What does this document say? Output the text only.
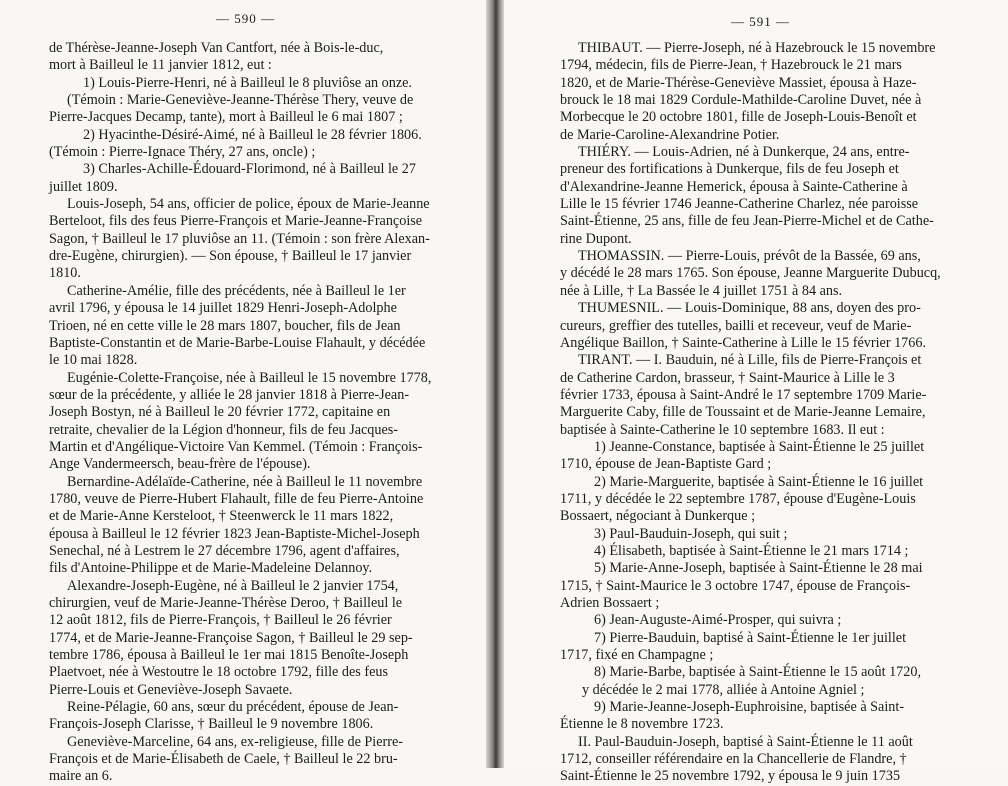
— 590 —	— 591 —
de Thérèse-Jeanne-Joseph Van Cantfort, née à Bois-le-duc,
mort à Bailleul le 11 janvier 1812, eut :
1) Louis-Pierre-Henri, né à Bailleul le 8 pluviôse an onze.
(Témoin : Marie-Geneviève-Jeanne-Thérèse Thery, veuve de
Pierre-Jacques Decamp, tante), mort à Bailleul le 6 mai 1807 ;
2) Hyacinthe-Désiré-Aimé, né à Bailleul le 28 février 1806.
(Témoin : Pierre-Ignace Théry, 27 ans, oncle) ;
3) Charles-Achille-Édouard-Florimond, né à Bailleul le 27
juillet 1809.
Louis-Joseph, 54 ans, officier de police, époux de Marie-Jeanne
Berteloot, fils des feus Pierre-François et Marie-Jeanne-Françoise
Sagon, † Bailleul le 17 pluviôse an 11. (Témoin : son frère Alexan-
dre-Eugène, chirurgien). — Son épouse, † Bailleul le 17 janvier
1810.
Catherine-Amélie, fille des précédents, née à Bailleul le 1er
avril 1796, y épousa le 14 juillet 1829 Henri-Joseph-Adolphe
Trioen, né en cette ville le 28 mars 1807, boucher, fils de Jean
Baptiste-Constantin et de Marie-Barbe-Louise Flahault, y décédée
le 10 mai 1828.
Eugénie-Colette-Françoise, née à Bailleul le 15 novembre 1778,
sœur de la précédente, y alliée le 28 janvier 1818 à Pierre-Jean-
Joseph Bostyn, né à Bailleul le 20 février 1772, capitaine en
retraite, chevalier de la Légion d'honneur, fils de feu Jacques-
Martin et d'Angélique-Victoire Van Kemmel. (Témoin : François-
Ange Vandermeersch, beau-frère de l'épouse).
Bernardine-Adélaïde-Catherine, née à Bailleul le 11 novembre
1780, veuve de Pierre-Hubert Flahault, fille de feu Pierre-Antoine
et de Marie-Anne Kersteloot, † Steenwerck le 11 mars 1822,
épousa à Bailleul le 12 février 1823 Jean-Baptiste-Michel-Joseph
Senechal, né à Lestrem le 27 décembre 1796, agent d'affaires,
fils d'Antoine-Philippe et de Marie-Madeleine Delannoy.
Alexandre-Joseph-Eugène, né à Bailleul le 2 janvier 1754,
chirurgien, veuf de Marie-Jeanne-Thérèse Deroo, † Bailleul le
12 août 1812, fils de Pierre-François, † Bailleul le 26 février
1774, et de Marie-Jeanne-Françoise Sagon, † Bailleul le 29 sep-
tembre 1786, épousa à Bailleul le 1er mai 1815 Benoîte-Joseph
Plaetvoet, née à Westoutre le 18 octobre 1792, fille des feus
Pierre-Louis et Geneviève-Joseph Savaete.
Reine-Pélagie, 60 ans, sœur du précédent, épouse de Jean-
François-Joseph Clarisse, † Bailleul le 9 novembre 1806.
Geneviève-Marceline, 64 ans, ex-religieuse, fille de Pierre-
François et de Marie-Élisabeth de Caele, † Bailleul le 22 bru-
maire an 6.
THIBAUT. — Pierre-Joseph, né à Hazebrouck le 15 novembre
1794, médecin, fils de Pierre-Jean, † Hazebrouck le 21 mars
1820, et de Marie-Thérèse-Geneviève Massiet, épousa à Haze-
brouck le 18 mai 1829 Cordule-Mathilde-Caroline Duvet, née à
Morbecque le 20 octobre 1801, fille de Joseph-Louis-Benoît et
de Marie-Caroline-Alexandrine Potier.
THIÉRY. — Louis-Adrien, né à Dunkerque, 24 ans, entre-
preneur des fortifications à Dunkerque, fils de feu Joseph et
d'Alexandrine-Jeanne Hemerick, épousa à Sainte-Catherine à
Lille le 15 février 1746 Jeanne-Catherine Charlez, née paroisse
Saint-Étienne, 25 ans, fille de feu Jean-Pierre-Michel et de Cathe-
rine Dupont.
THOMASSIN. — Pierre-Louis, prévôt de la Bassée, 69 ans,
y décédé le 28 mars 1765. Son épouse, Jeanne Marguerite Dubucq,
née à Lille, † La Bassée le 4 juillet 1751 à 84 ans.
THUMESNIL. — Louis-Dominique, 88 ans, doyen des pro-
cureurs, greffier des tutelles, bailli et receveur, veuf de Marie-
Angélique Baillon, † Sainte-Catherine à Lille le 15 février 1766.
TIRANT. — I. Bauduin, né à Lille, fils de Pierre-François et
de Catherine Cardon, brasseur, † Saint-Maurice à Lille le 3
février 1733, épousa à Saint-André le 17 septembre 1709 Marie-
Marguerite Caby, fille de Toussaint et de Marie-Jeanne Lemaire,
baptisée à Sainte-Catherine le 10 septembre 1683. Il eut :
1) Jeanne-Constance, baptisée à Saint-Étienne le 25 juillet
1710, épouse de Jean-Baptiste Gard ;
2) Marie-Marguerite, baptisée à Saint-Étienne le 16 juillet
1711, y décédée le 22 septembre 1787, épouse d'Eugène-Louis
Bossaert, négociant à Dunkerque ;
3) Paul-Bauduin-Joseph, qui suit ;
4) Élisabeth, baptisée à Saint-Étienne le 21 mars 1714 ;
5) Marie-Anne-Joseph, baptisée à Saint-Étienne le 28 mai
1715, † Saint-Maurice le 3 octobre 1747, épouse de François-
Adrien Bossaert ;
6) Jean-Auguste-Aimé-Prosper, qui suivra ;
7) Pierre-Bauduin, baptisé à Saint-Étienne le 1er juillet
1717, fixé en Champagne ;
8) Marie-Barbe, baptisée à Saint-Étienne le 15 août 1720,
y décédée le 2 mai 1778, alliée à Antoine Agniel ;
9) Marie-Jeanne-Joseph-Euphroisine, baptisée à Saint-
Étienne le 8 novembre 1723.
II. Paul-Bauduin-Joseph, baptisé à Saint-Étienne le 11 août
1712, conseiller référendaire en la Chancellerie de Flandre, †
Saint-Étienne le 25 novembre 1792, y épousa le 9 juin 1735
